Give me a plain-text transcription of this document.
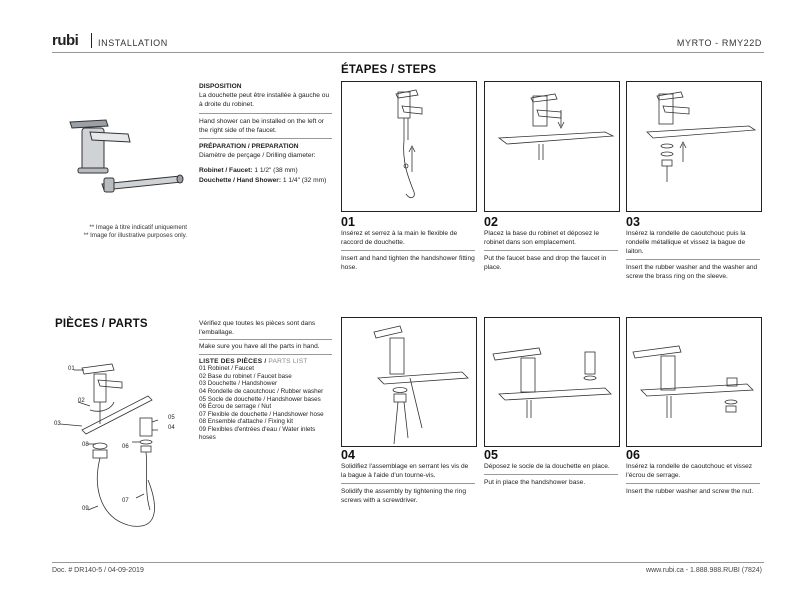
rubi INSTALLATION	MYRTO - RMY22D
** Image à titre indicatif uniquement
** Image for illustrative purposes only.
DISPOSITION
La douchette peut être installée à gauche ou à droite du robinet.
Hand shower can be installed on the left or the right side of the faucet.
PRÉPARATION / PREPARATION
Diamètre de perçage / Drilling diameter:
Robinet / Faucet: 1 1/2" (38 mm)
Douchette / Hand Shower: 1 1/4" (32 mm)
ÉTAPES / STEPS
01
Insérez et serrez à la main le flexible de raccord de douchette.
Insert and hand tighten the handshower fitting hose.
02
Placez la base du robinet et déposez le robinet dans son emplacement.
Put the faucet base and drop the faucet in place.
03
Insérez la rondelle de caoutchouc puis la rondelle métallique et vissez la bague de laiton.
Insert the rubber washer and the washer and screw the brass ring on the sleeve.
PIÈCES / PARTS	Vérifiez que toutes les pièces sont dans l'emballage.
Make sure you have all the parts in hand.
LISTE DES PIÈCES / PARTS LIST
01 Robinet / Faucet
02 Base du robinet / Faucet base
03 Douchette / Handshower
04 Rondelle de caoutchouc / Rubber washer
05 Socle de douchette / Handshower bases
06 Écrou de serrage / Nut
07 Flexible de douchette / Handshower hose
08 Ensemble d'attache / Fixing kit
09 Flexibles d'entrées d'eau / Water inlets hoses
01
02
03
04
05
06
07
08
09
04
Solidifiez l'assemblage en serrant les vis de la bague à l'aide d'un tourne-vis.
Solidify the assembly by tightening the ring screws with a screwdriver.
05
Déposez le socle de la douchette en place.
Put in place the handshower base.
06
Insérez la rondelle de caoutchouc et vissez l'écrou de serrage.
Insert the rubber washer and screw the nut.
Doc. # DR140-5 / 04-09-2019	www.rubi.ca - 1.888.988.RUBI (7824)
